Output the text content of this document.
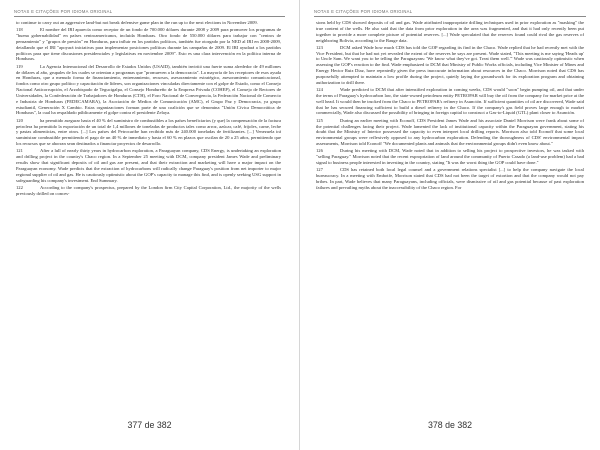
NOTAS E CITAÇÕES POR IDIOMA ORIGINAL

to continue to carry out an aggressive land-but not break defensive game plan in the run up to the next elections in November 2009.

118	El nombre del IRI aparecía como receptor de un fondo de 700.000 dólares durante 2008 y 2009 para promover los programas de "buena gobernabilidad" en países centroamericanos, incluida Honduras. Otro fondo de 550.000 dólares para trabajar con "centros de pensamiento" y "grupos de presión" en Honduras, para influir en los partidos políticos, también fue otorgado por la NED al IRI en 2008-2009, detallando que el IRI "apoyará iniciativas para implementar posiciones políticas durante las campañas de 2009. El IRI ayudará a los partidos políticos para que tiene discusiones presidenciales y legislativas en noviembre 2009". Esto es una clara intervención en la política interna de Honduras.

119	La Agencia Internacional del Desarrollo de Estados Unidos (USAID), también invirtió una fuerte suma alrededor de 49 millones de dólares al año, grupales de los cuales se orientan a programas que "promueven a la democracia". La mayoría de los receptores de esos ayuda en Honduras, que a menudo forma de financiamiento, entrenamiento, recursos, asesoramiento estratégico, asesoramiento comunicacional, fondos como otro grupo político y capacitación de líderes, son organizaciones vinculadas directamente con el golpe de Estado, como el Consejo Nacional Anticorrupción, el Arzobispado de Tegucigalpa, el Consejo Hondureño de la Empresa Privada (COHEP), el Consejo de Rectores de Universidades, la Confederación de Trabajadores de Honduras (CTH), el Foro Nacional de Convergencia, la Federación Nacional de Comercio e Industria de Honduras (FEDECAMARA), la Asociación de Medios de Comunicación (AMC), el Grupo Paz y Democracia, ya grupo estudiantil, Generación X Cambio. Estas organizaciones forman parte de una coalición que se denomina "Unión Cívica Democrática de Honduras", la cual ha respaldado públicamente el golpe contra el presidente Zelaya.

120	ha permitido asegurar hasta el 40 % del suministro de combustibles a los países beneficiarios (y que) la compensación de la factura petrolera ha permitido la exportación de un total de 1,4 millones de toneladas de productos tales como arroz, azúcar, café, frijoles, carne, leche y pastas alimenticias, entre otros. [...] Los países del Petrocaribe han recibido más de 240.000 toneladas de fertilizantes. [...] Venezuela irá suministrar combustible permitiendo el pago de un 40 % de inmediato y hasta el 60 % en plazos que oscilan de 20 a 25 años, permitiendo que los recursos que se ahorran sean destinados a financiar proyectos de desarrollo.

121	After a lull of nearly thirty years in hydrocarbon exploration, a Paraguayan company, CDS Energy, is undertaking an exploration and drilling project in the country's Chaco region. In a September 25 meeting with DCM, company president James Wade and preliminary results show that significant deposits of oil and gas are present, and that their extraction and marketing will have a major impact on the Paraguayan economy. Wade predicts that the extraction of hydrocarbons will radically change Paraguay's position from net importer to major regional supplier of oil and gas. He is cautiously optimistic about the GOP's capacity to manage this find, and is openly seeking USG support in safeguarding his company's investment. End Summary.

122	According to the company's prospectus, prepared by the London firm City Capital Corporation, Ltd., the majority of the wells previously drilled on conces-

377 de 382
NOTAS E CITAÇÕES POR IDIOMA ORIGINAL

sions held by CDS showed deposits of oil and gas. Wade attributed inappropriate drilling techniques used in prior exploration as "masking" the true content of the wells. He also said that the data from prior exploration in the area was fragmented, and that it had only recently been put together to provide a more complete picture of potential reserves. [...] Wade speculated that the reserves found could rival the gas reserves of neighboring Bolivia, according to the Bauge data.

123	DCM asked Wade how much CDS has told the GOP regarding its find in the Chaco. Wade replied that he had recently met with the Vice President, but that he had not yet revealed the extent of the reserves he says are present. Wade stated, "This meeting is me saying 'Heads up' to Uncle Sam. We want you to be telling the Paraguayans: 'We know what they've got. Treat them well.'" Wade was cautiously optimistic when assessing the GOP's reaction to the find. Wade emphasized to DCM that Ministry of Public Works officials, including Vice Minister of Mines and Energy Hector Ruiz Diaz, have repeatedly given the press inaccurate information about resources in the Chaco. Morrison noted that CDS has purposefully attempted to maintain a low profile during the project, quietly laying the groundwork for its exploration program and obtaining authorization to drill there.

124	Wade predicted to DCM that after intensified exploration in coming weeks, CDS would "soon" begin pumping oil, and that under the terms of Paraguay's hydrocarbon law, the state-owned petroleum entity PETROPAR will buy the oil from the company for market price at the well head. It would then be trucked from the Chaco to PETROPAR's refinery in Asunción. If sufficient quantities of oil are discovered, Wade said that he has secured financing sufficient to build a diesel refinery in the Chaco. If the company's gas field proves large enough to market commercially, Wade also discussed the possibility of bringing in foreign capital to construct a Gas-to-Liquid (GTL) plant closer to Asunción.

125	During an earlier meeting with Econoff, CDS President James Wade and his associate Daniel Morrison were frank about some of the potential challenges facing their project. Wade lamented the lack of institutional capacity within the Paraguayan government, stating his doubt that the Ministry of Interior possessed the capacity to even interpret local drilling reports. Morrison also told Econoff that some local environmental groups were reflexively opposed to any hydrocarbon exploration. Defending the thoroughness of CDS' environmental impact assessments, Morrison told Econoff "We documented plants and animals that the environmental groups didn't even know about."

126	During his meeting with DCM, Wade noted that in addition to selling his project to prospective investors, he was tasked with "selling Paraguay." Morrison noted that the recent expropriation of land around the community of Puerto Casado (a land-use problem) had a bad signal to business people interested in investing in the country, stating "It was the worst thing the GOP could have done."

127	CDS has retained both local legal counsel and a government relations specialist [...] to help the company navigate the local bureaucracy. In a meeting with Embotfe, Morrison stated that CDS had not been the target of extortion and that the company would not pay bribes. In part, Wade believes that many Paraguayans, including officials, were dismissive of oil and gas potential because of past exploration failures and prevailing myths about the inaccessibility of the Chaco region. For

378 de 382
